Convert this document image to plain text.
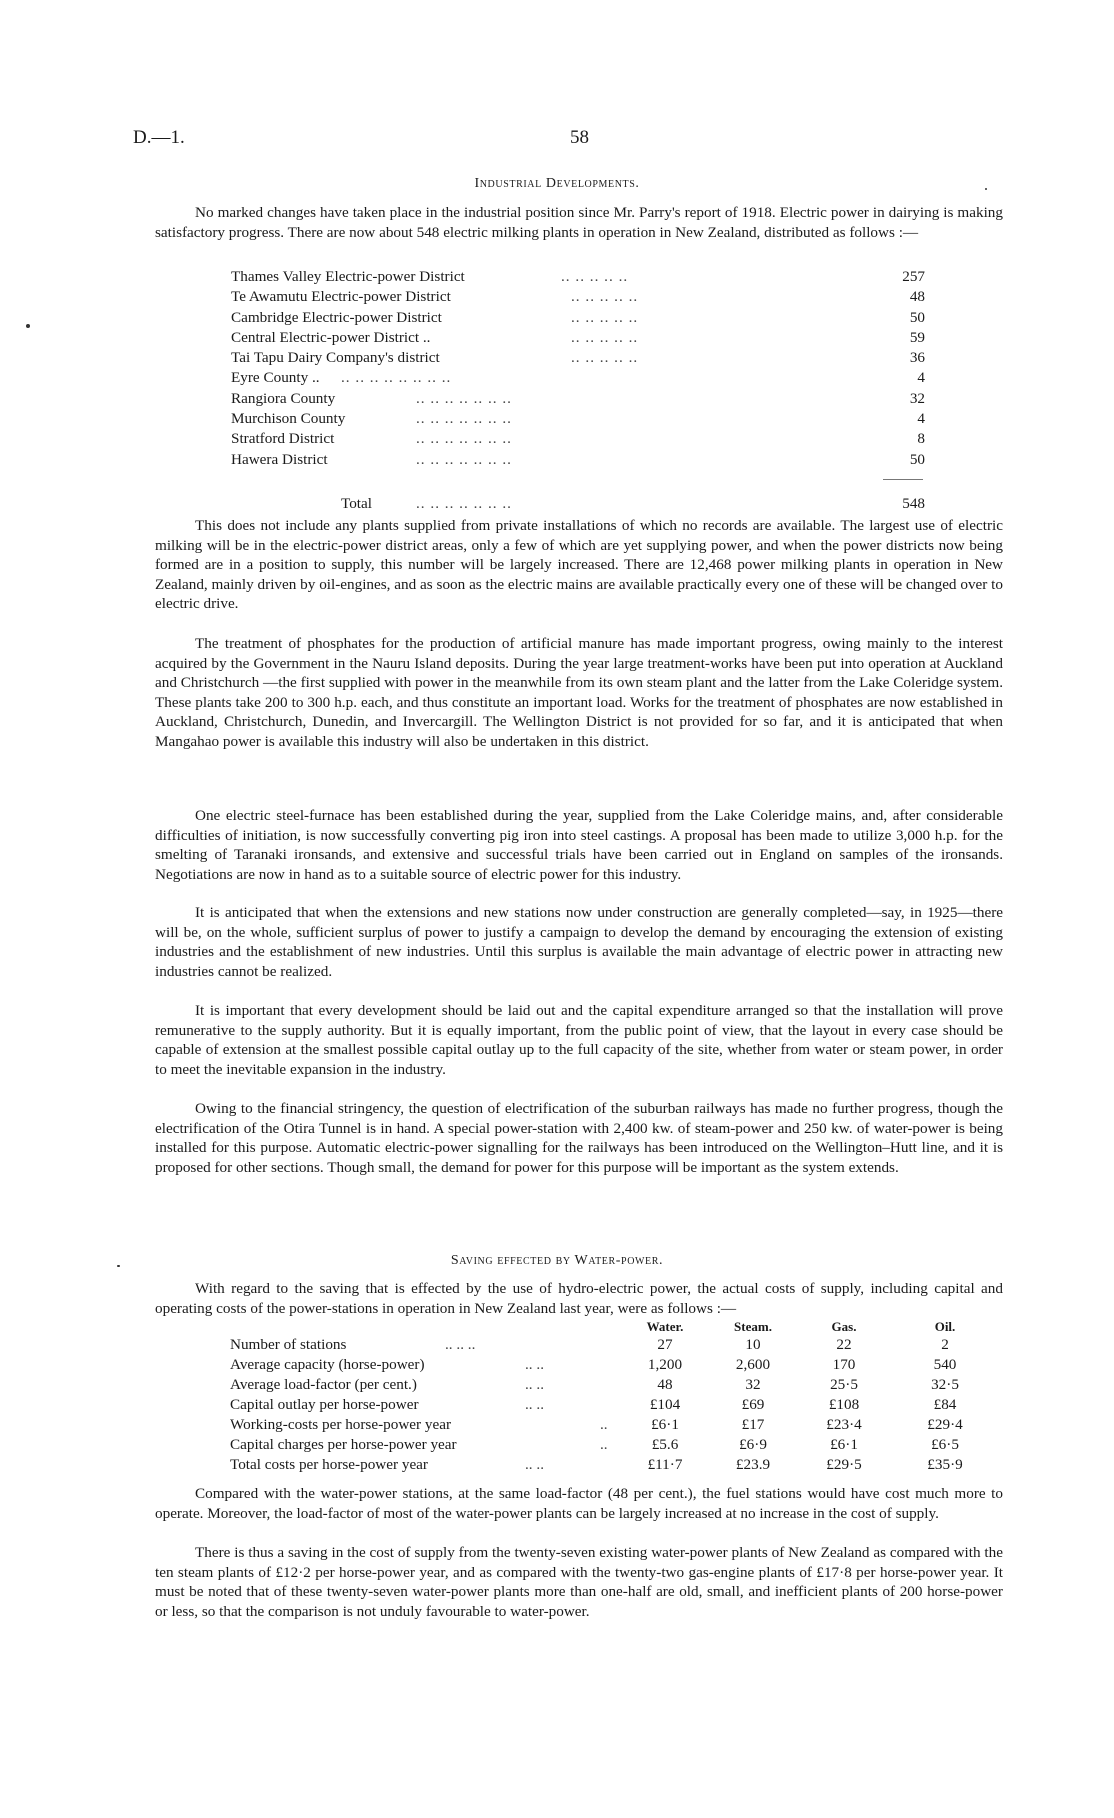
D.—1.	58
Industrial Developments.

No marked changes have taken place in the industrial position since Mr. Parry's report of 1918. Electric power in dairying is making satisfactory progress. There are now about 548 electric milking plants in operation in New Zealand, distributed as follows :—

Thames Valley Electric-power District	.. .. .. .. ..	257
Te Awamutu Electric-power District	.. .. .. .. ..	48
Cambridge Electric-power District	.. .. .. .. ..	50
Central Electric-power District ..	.. .. .. .. ..	59
Tai Tapu Dairy Company's district	.. .. .. .. ..	36
Eyre County .. .. .. .. .. .. .. .. ..	4
Rangiora County	.. .. .. .. .. .. ..	32
Murchison County	.. .. .. .. .. .. ..	4
Stratford District	.. .. .. .. .. .. ..	8
Hawera District	.. .. .. .. .. .. ..	50
Total	.. .. .. .. .. .. ..	548

This does not include any plants supplied from private installations of which no records are available. The largest use of electric milking will be in the electric-power district areas, only a few of which are yet supplying power, and when the power districts now being formed are in a position to supply, this number will be largely increased. There are 12,468 power milking plants in operation in New Zealand, mainly driven by oil-engines, and as soon as the electric mains are available practically every one of these will be changed over to electric drive.

The treatment of phosphates for the production of artificial manure has made important progress, owing mainly to the interest acquired by the Government in the Nauru Island deposits. During the year large treatment-works have been put into operation at Auckland and Christchurch —the first supplied with power in the meanwhile from its own steam plant and the latter from the Lake Coleridge system. These plants take 200 to 300 h.p. each, and thus constitute an important load. Works for the treatment of phosphates are now established in Auckland, Christchurch, Dunedin, and Invercargill. The Wellington District is not provided for so far, and it is anticipated that when Mangahao power is available this industry will also be undertaken in this district.

One electric steel-furnace has been established during the year, supplied from the Lake Coleridge mains, and, after considerable difficulties of initiation, is now successfully converting pig iron into steel castings. A proposal has been made to utilize 3,000 h.p. for the smelting of Taranaki ironsands, and extensive and successful trials have been carried out in England on samples of the ironsands. Negotiations are now in hand as to a suitable source of electric power for this industry.

It is anticipated that when the extensions and new stations now under construction are generally completed—say, in 1925—there will be, on the whole, sufficient surplus of power to justify a campaign to develop the demand by encouraging the extension of existing industries and the establishment of new industries. Until this surplus is available the main advantage of electric power in attracting new industries cannot be realized.

It is important that every development should be laid out and the capital expenditure arranged so that the installation will prove remunerative to the supply authority. But it is equally important, from the public point of view, that the layout in every case should be capable of extension at the smallest possible capital outlay up to the full capacity of the site, whether from water or steam power, in order to meet the inevitable expansion in the industry.

Owing to the financial stringency, the question of electrification of the suburban railways has made no further progress, though the electrification of the Otira Tunnel is in hand. A special power-station with 2,400 kw. of steam-power and 250 kw. of water-power is being installed for this purpose. Automatic electric-power signalling for the railways has been introduced on the Wellington–Hutt line, and it is proposed for other sections. Though small, the demand for power for this purpose will be important as the system extends.

Saving effected by Water-power.

With regard to the saving that is effected by the use of hydro-electric power, the actual costs of supply, including capital and operating costs of the power-stations in operation in New Zealand last year, were as follows :—

Water.	Steam.	Gas.	Oil.
Number of stations	.. .. ..	27	10	22	2
Average capacity (horse-power)	.. ..	1,200	2,600	170	540
Average load-factor (per cent.)	.. ..	48	32	25·5	32·5
Capital outlay per horse-power	.. ..	£104	£69	£108	£84
Working-costs per horse-power year	..	£6·1	£17	£23·4	£29·4
Capital charges per horse-power year	..	£5.6	£6·9	£6·1	£6·5
Total costs per horse-power year	.. ..	£11·7	£23.9	£29·5	£35·9

Compared with the water-power stations, at the same load-factor (48 per cent.), the fuel stations would have cost much more to operate. Moreover, the load-factor of most of the water-power plants can be largely increased at no increase in the cost of supply.

There is thus a saving in the cost of supply from the twenty-seven existing water-power plants of New Zealand as compared with the ten steam plants of £12·2 per horse-power year, and as compared with the twenty-two gas-engine plants of £17·8 per horse-power year. It must be noted that of these twenty-seven water-power plants more than one-half are old, small, and inefficient plants of 200 horse-power or less, so that the comparison is not unduly favourable to water-power.
